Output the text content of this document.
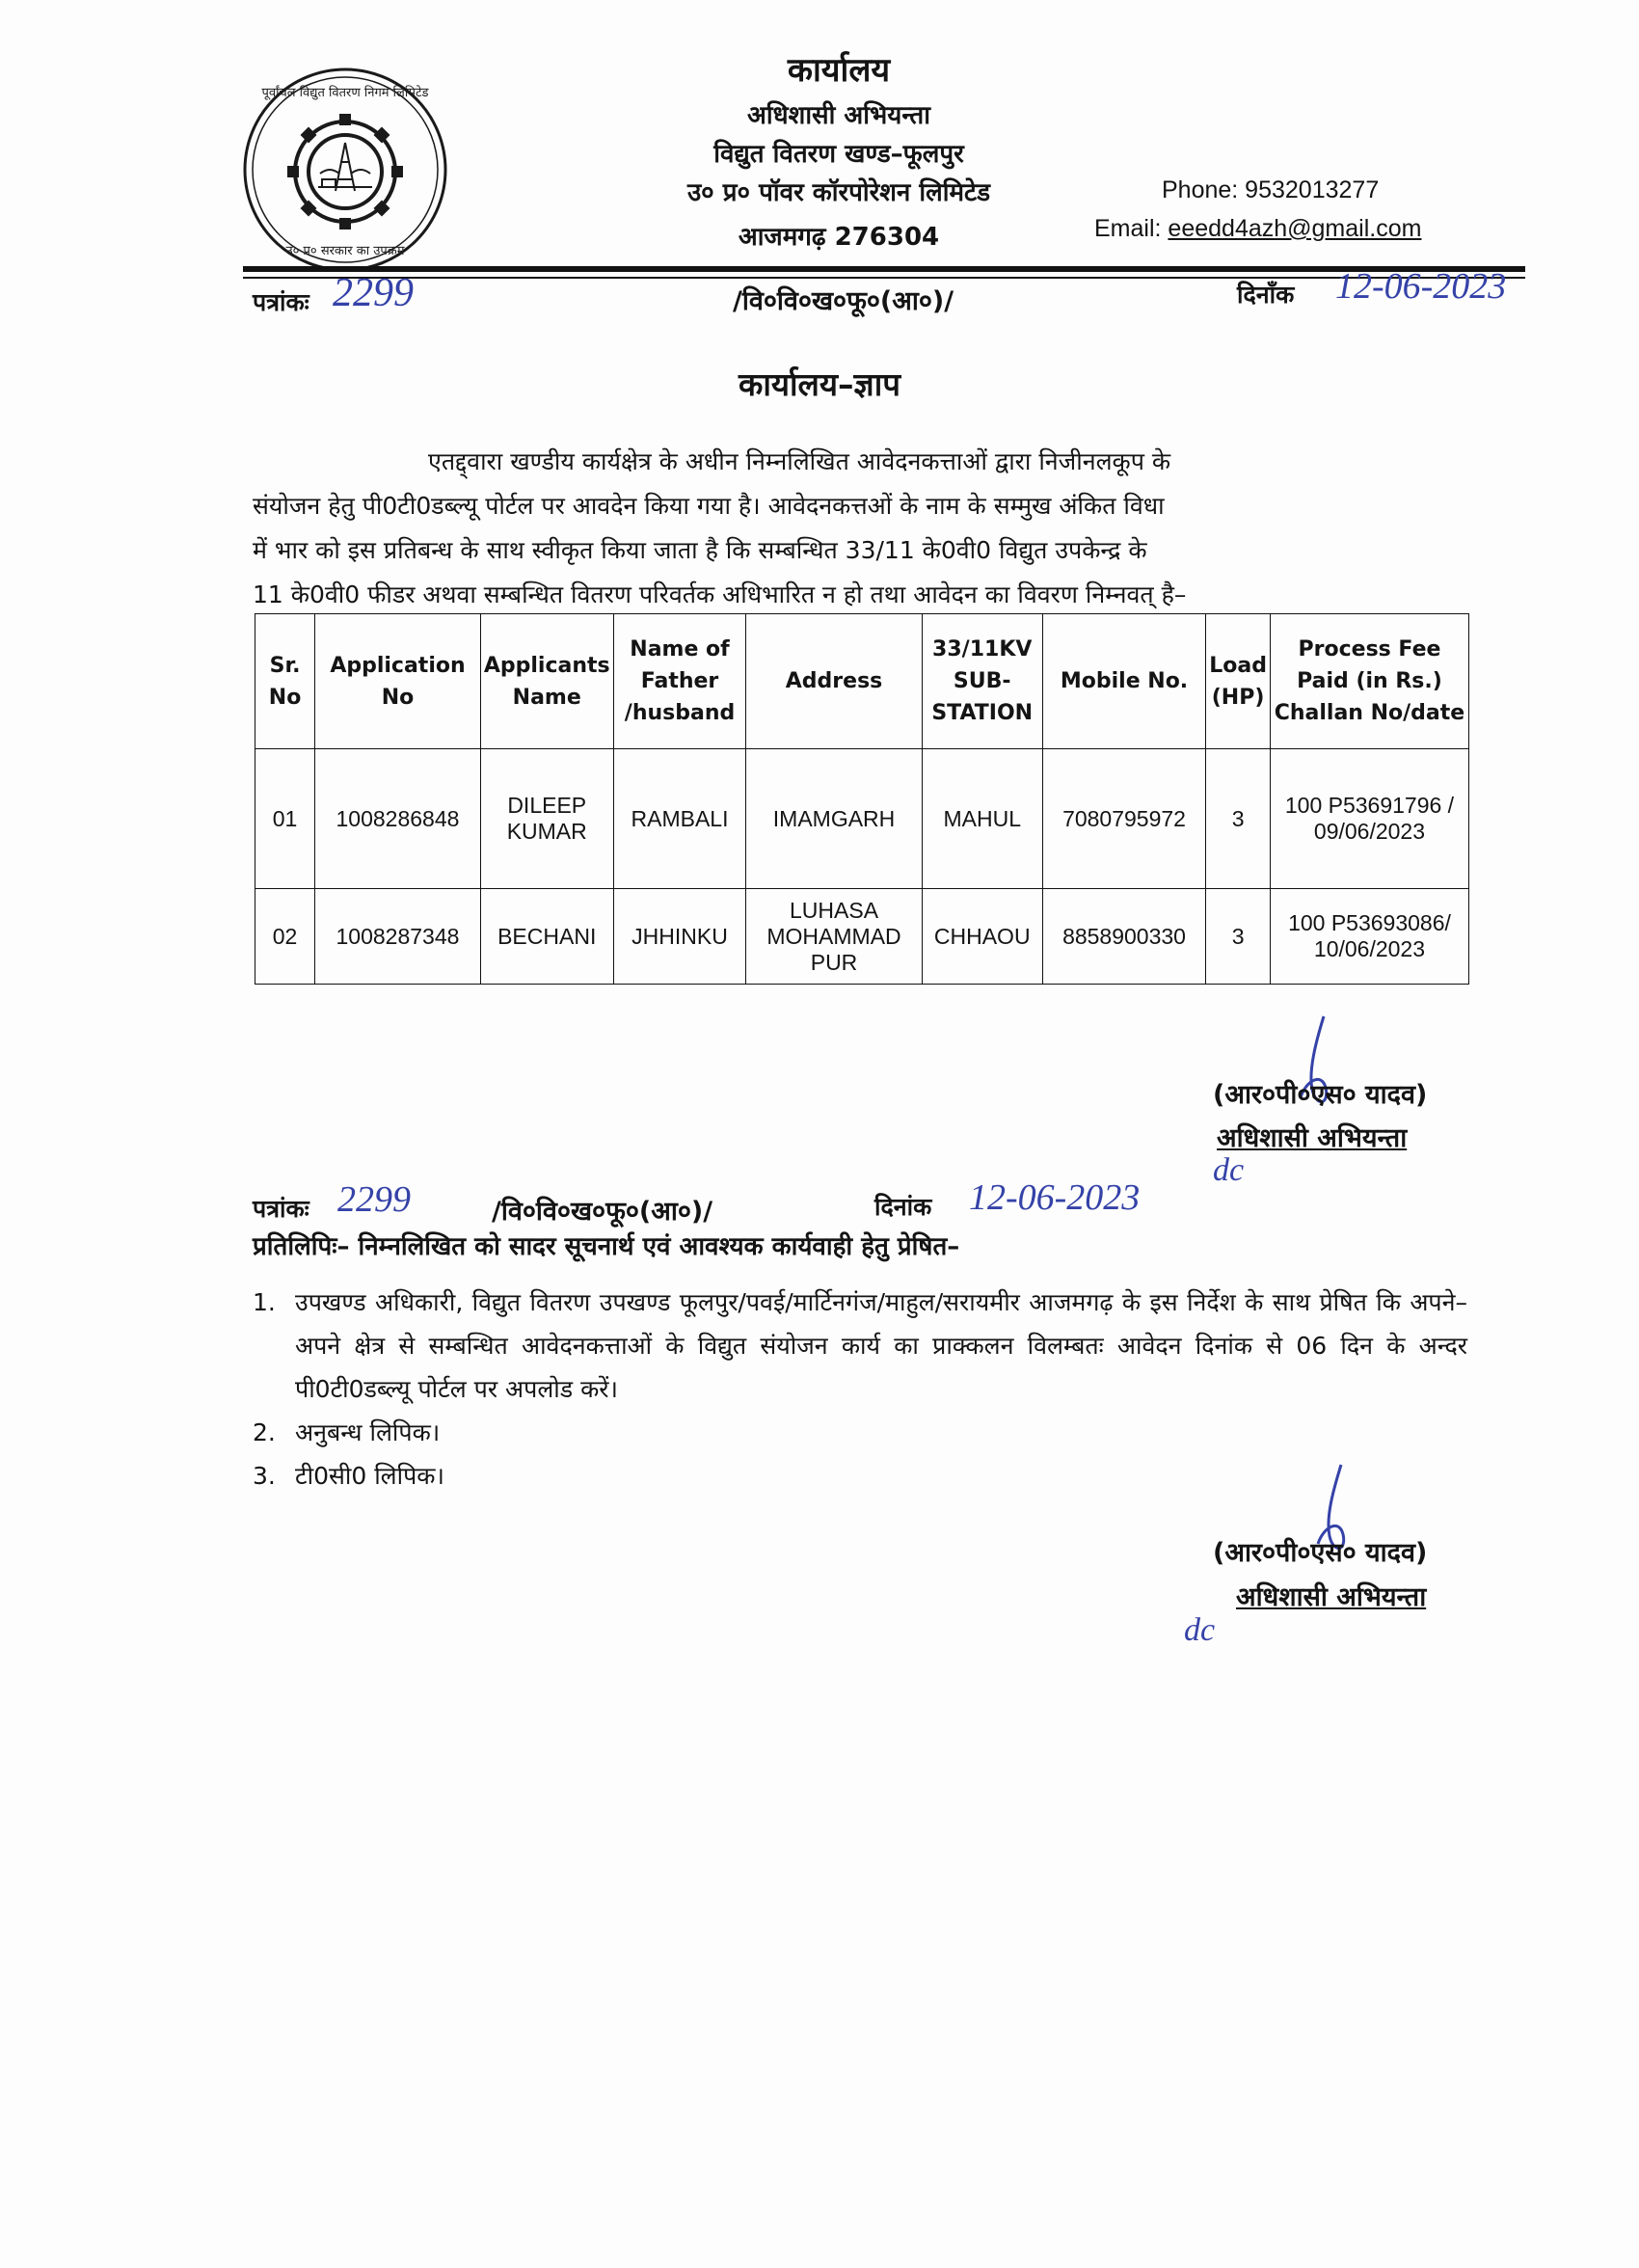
पूर्वांचल विद्युत वितरण निगम लिमिटेड
उ० प्र० सरकार का उपक्रम
कार्यालय
अधिशासी अभियन्ता
विद्युत वितरण खण्ड–फूलपुर
उ० प्र० पॉवर कॉरपोरेशन लिमिटेड
आजमगढ़ 276304
Phone: 9532013277
Email: eeedd4azh@gmail.com
पत्रांकः 2299	/वि०वि०ख०फू०(आ०)/	दिनाँक 12-06-2023
कार्यालय–ज्ञाप

एतद्द्वारा खण्डीय कार्यक्षेत्र के अधीन निम्नलिखित आवेदनकत्ताओं द्वारा निजीनलकूप के

संयोजन हेतु पी0टी0डब्ल्यू पोर्टल पर आवदेन किया गया है। आवेदनकत्तओं के नाम के सम्मुख अंकित विधा

में भार को इस प्रतिबन्ध के साथ स्वीकृत किया जाता है कि सम्बन्धित 33/11 के0वी0 विद्युत उपकेन्द्र के

11 के0वी0 फीडर अथवा सम्बन्धित वितरण परिवर्तक अधिभारित न हो तथा आवेदन का विवरण निम्नवत् है–

Sr. No	Application No	Applicants Name	Name of Father /husband	Address	33/11KV SUB-STATION	Mobile No.	Load (HP)	Process Fee Paid (in Rs.) Challan No/date
01	1008286848	DILEEP KUMAR	RAMBALI	IMAMGARH	MAHUL	7080795972	3	100 P53691796 / 09/06/2023
02	1008287348	BECHANI	JHHINKU	LUHASA MOHAMMAD PUR	CHHAOU	8858900330	3	100 P53693086/ 10/06/2023
(आर०पी०एस० यादव)
अधिशासी अभियन्ता
dc
पत्रांकः 2299	/वि०वि०ख०फू०(आ०)/	दिनांक 12-06-2023
प्रतिलिपिः– निम्नलिखित को सादर सूचनार्थ एवं आवश्यक कार्यवाही हेतु प्रेषित–
1. उपखण्ड अधिकारी, विद्युत वितरण उपखण्ड फूलपुर/पवई/मार्टिनगंज/माहुल/सरायमीर आजमगढ़ के इस निर्देश के साथ प्रेषित कि अपने–अपने क्षेत्र से सम्बन्धित आवेदनकत्ताओं के विद्युत संयोजन कार्य का प्राक्कलन विलम्बतः आवेदन दिनांक से 06 दिन के अन्दर पी0टी0डब्ल्यू पोर्टल पर अपलोड करें।
2. अनुबन्ध लिपिक।
3. टी0सी0 लिपिक।
(आर०पी०एस० यादव)
अधिशासी अभियन्ता
dc
